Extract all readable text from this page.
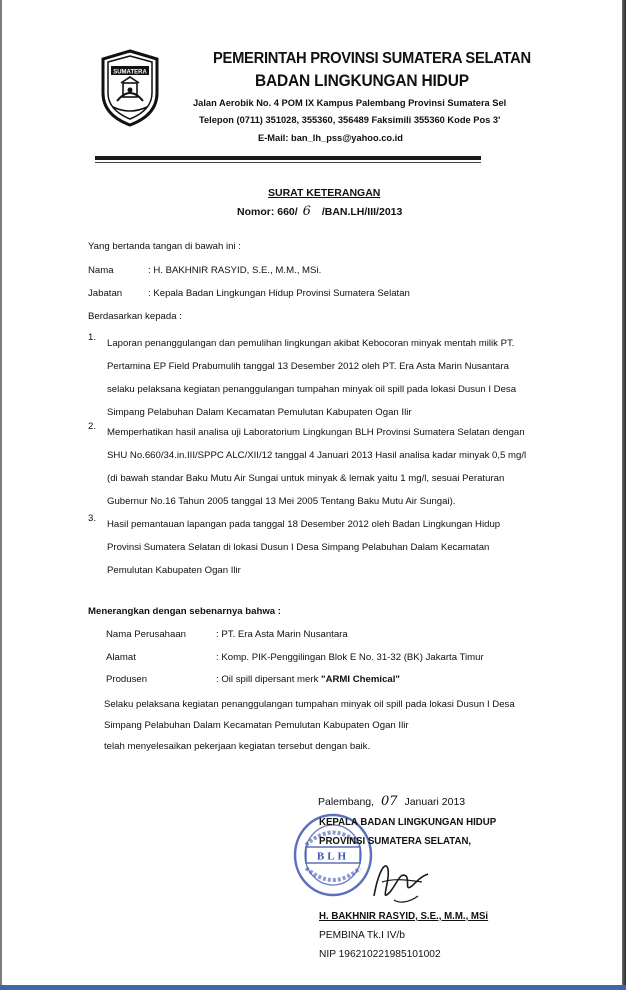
SUMATERA
PEMERINTAH PROVINSI SUMATERA SELATAN
BADAN LINGKUNGAN HIDUP
Jalan Aerobik No. 4 POM IX Kampus Palembang Provinsi Sumatera Sel
Telepon (0711) 351028, 355360, 356489 Faksimili 355360 Kode Pos 3'
E-Mail: ban_lh_pss@yahoo.co.id
SURAT KETERANGAN
Nomor: 660/ 6 /BAN.LH/III/2013
Yang bertanda tangan di bawah ini :
Nama	: H. BAKHNIR RASYID, S.E., M.M., MSi.
Jabatan	: Kepala Badan Lingkungan Hidup Provinsi Sumatera Selatan
Berdasarkan kepada :
1.
Laporan penanggulangan dan pemulihan lingkungan akibat Kebocoran minyak mentah milik PT.
Pertamina EP Field Prabumulih tanggal 13 Desember 2012 oleh PT. Era Asta Marin Nusantara
selaku pelaksana kegiatan penanggulangan tumpahan minyak oil spill pada lokasi Dusun I Desa
Simpang Pelabuhan Dalam Kecamatan Pemulutan Kabupaten Ogan Ilir
2.
Memperhatikan hasil analisa uji Laboratorium Lingkungan BLH Provinsi Sumatera Selatan dengan
SHU No.660/34.in.III/SPPC ALC/XII/12 tanggal 4 Januari 2013 Hasil analisa kadar minyak 0,5 mg/l
(di bawah standar Baku Mutu Air Sungai untuk minyak & lemak yaitu 1 mg/l, sesuai Peraturan
Gubernur No.16 Tahun 2005 tanggal 13 Mei 2005 Tentang Baku Mutu Air Sungai).
3.
Hasil pemantauan lapangan pada tanggal 18 Desember 2012 oleh Badan Lingkungan Hidup
Provinsi Sumatera Selatan di lokasi Dusun I Desa Simpang Pelabuhan Dalam Kecamatan
Pemulutan Kabupaten Ogan Ilir
Menerangkan dengan sebenarnya bahwa :
Nama Perusahaan	: PT. Era Asta Marin Nusantara
Alamat	: Komp. PIK-Penggilingan Blok E No. 31-32 (BK) Jakarta Timur
Produsen	: Oil spill dipersant merk "ARMI Chemical"
Selaku pelaksana kegiatan penanggulangan tumpahan minyak oil spill pada lokasi Dusun I Desa
Simpang Pelabuhan Dalam Kecamatan Pemulutan Kabupaten Ogan Ilir
telah menyelesaikan pekerjaan kegiatan tersebut dengan baik.
Palembang, 07 Januari 2013
BLH
KEPALA BADAN LINGKUNGAN HIDUP
PROVINSI SUMATERA SELATAN,
H. BAKHNIR RASYID, S.E., M.M., MSi
PEMBINA Tk.I IV/b
NIP 196210221985101002
